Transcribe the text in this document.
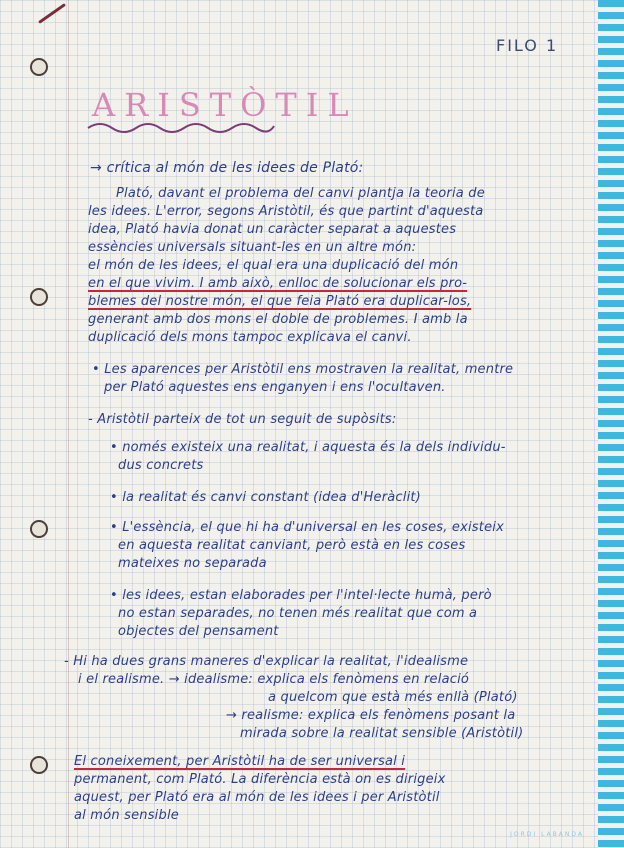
FILO 1
ARISTÒTIL
→ crítica al món de les idees de Plató:
Plató, davant el problema del canvi plantja la teoria de
les idees. L'error, segons Aristòtil, és que partint d'aquesta
idea, Plató havia donat un caràcter separat a aquestes
essències universals situant-les en un altre món:
el món de les idees, el qual era una duplicació del món
en el que vivim. I amb això, enlloc de solucionar els pro-
blemes del nostre món, el que feia Plató era duplicar-los,
generant amb dos mons el doble de problemes. I amb la
duplicació dels mons tampoc explicava el canvi.
• Les aparences per Aristòtil ens mostraven la realitat, mentre
per Plató aquestes ens enganyen i ens l'ocultaven.
- Aristòtil parteix de tot un seguit de supòsits:
• només existeix una realitat, i aquesta és la dels individu-
dus concrets
• la realitat és canvi constant (idea d'Heràclit)
• L'essència, el que hi ha d'universal en les coses, existeix
en aquesta realitat canviant, però està en les coses
mateixes no separada
• les idees, estan elaborades per l'intel·lecte humà, però
no estan separades, no tenen més realitat que com a
objectes del pensament
- Hi ha dues grans maneres d'explicar la realitat, l'idealisme
i el realisme. → idealisme: explica els fenòmens en relació
a quelcom que està més enllà (Plató)
→ realisme: explica els fenòmens posant la
mirada sobre la realitat sensible (Aristòtil)
El coneixement, per Aristòtil ha de ser universal i
permanent, com Plató. La diferència està on es dirigeix
aquest, per Plató era al món de les idees i per Aristòtil
al món sensible
JORDI LABANDA
